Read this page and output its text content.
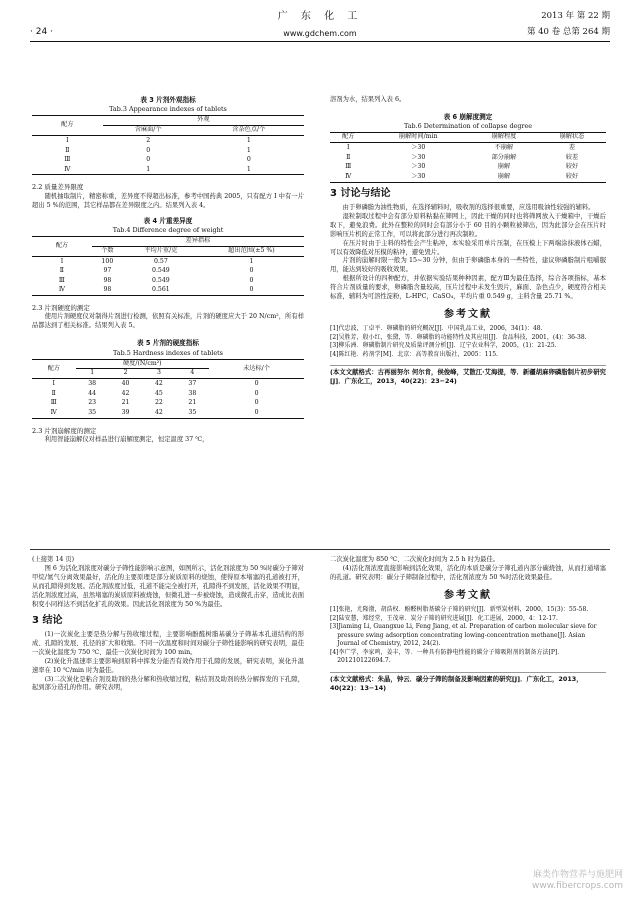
广 东 化 工
www.gdchem.com
2013 年 第 22 期
· 24 ·	第 40 卷 总第 264 期
表 3 片剂外观指标
Tab.3 Appearance indexes of tablets
配方	外观	
	含麻面/个	含杂色点/个
Ⅰ	2	1
Ⅱ	0	1
Ⅲ	0	0
Ⅳ	1	1
2.2 质量差异限度
随机抽取制片，精密称重，差异度不得超出标准，参考中国药典 2005，只有配方 Ⅰ 中有一片超出 5 %的范围，其它样品都在差异限度之内。结果列入表 4。
表 4 片重差异度
Tab.4 Difference degree of weight
配方	差异指标		
	个数	平均片重/克	超出范围(±5 %)
Ⅰ	100	0.57	1
Ⅱ	97	0.549	0
Ⅲ	98	0.549	0
Ⅳ	98	0.561	0
2.3 片剂硬度的测定
使用片剂硬度仪对制得片剂进行检测，依照有关标准，片剂的硬度应大于 20 N/cm²，所有样品都达到了相关标准。结果列入表 5。
表 5 片剂的硬度指标
Tab.5 Hardness indexes of tablets
配方	硬度/(N/cm²)				未达标/个
	1	2	3	4	
Ⅰ	38	40	42	37	0
Ⅱ	44	42	45	38	0
Ⅲ	23	21	22	21	0
Ⅳ	35	39	42	35	0
2.3 片剂崩解度的测定
利用智能崩解仪对样品进行崩解度测定，恒定温度 37 ℃，
溶剂为水，结果列入表 6。
表 6 崩解度测定
Tab.6 Determination of collapse degree
配方	崩解时间/min	崩解程度	崩解状态
Ⅰ	＞30	不崩解	差
Ⅱ	＞30	部分崩解	较差
Ⅲ	＞30	崩解	较好
Ⅳ	＞30	崩解	较好
3 讨论与结论
由于卵磷脂为油性物质，在选择辅料时，吸收剂的选择很重要，应选用吸油性较强的辅料。
湿粒制取过程中会有部分原料粘黏在筛网上，因此干燥的同时也将筛网放入干燥箱中，干燥后取下，避免浪费。此外在整粒的同时会有部分小于 60 目的小颗粒被筛出，因为此部分会在压片时影响压片机的正常工作，可以将此部分进行再次制粒。
在压片时由于主料的特性会产生粘冲，本实验采用单片压制，在压模上下两端涂抹液体石蜡，可以有效降低对压模的粘冲，避免毁片。
片剂的崩解时限一般为 15~30 分钟，但由于卵磷脂本身的一些特性，建议卵磷脂制片咀嚼服用，能达到较好的吸收效果。
根据所设计的四种配方，并依据实验结果种种因素，配方Ⅲ为最佳选择，综合各项指标，基本符合片剂质量的要求，卵磷脂含量较高，压片过程中未发生毁片，麻面、杂色点少，硬度符合相关标准，辅料为可溶性淀粉，L-HPC，CaSO₄，平均片重 0.549 g，主料含量 25.71 %。
参考文献
[1]代忠波，丁卓平．卵磷脂的研究概况[J]．中国乳品工业，2006，34(1)：48.
[2]吴胜芳，殷小红，张黛，等．卵磷脂的功能特性及其应用[J]．食品科技，2001，(4)：36-38.
[3]柳乐洲．卵磷脂制片研究及质量评测分析[J]．辽宁农业科学，2005，(1)：21-25.
[4]陈红艳．药剂学[M]．北京：高等教育出版社，2005：115.
(本文文献格式：古再丽努尔 何尔肯，侯俊峰，艾散江·艾海提，等．新疆胡麻卵磷脂制片初步研究[J]．广东化工，2013，40(22)：23−24)
(上接第 14 页)
图 6 为活化剂浓度对碳分子筛性能影响示意图，如图所示，活化剂浓度为 50 %时碳分子筛对甲烷/氮气分离效果最好，活化的主要原理是部分炭质原料的烧蚀，使得原本堵塞的孔道被打开，从而孔隙得到发展。活化剂浓度过低，孔道不能完全被打开，孔隙得不到发展，活化效果不明显，活化剂浓度过高，虽然堵塞的炭质原料被烧蚀，但微孔进一步被烧蚀，造成微孔击穿，造成比表面积变小同样达不到活化扩孔的效果。因此活化剂浓度为 50 %为最佳。
3 结论
(1)一次炭化主要是热分解与热收缩过程，主要影响酚醛树脂基碳分子筛基本孔道结构的形成、孔隙的发展、孔径的扩大和收缩。不同一次温度和时间对碳分子筛性能影响的研究表明，最佳一次炭化温度为 750 ℃、最佳一次炭化时间为 100 min。
(2)炭化升温速率主要影响到原料中挥发分能否有效作用于孔隙的发展，研究表明，炭化升温速率在 10 ℃/min 时为最佳。
(3)二次炭化是粘合剂及助剂的热分解和热收缩过程，粘结剂及助剂的热分解挥发的下孔隙，起到部分造孔的作用。研究表明，
二次炭化温度为 850 ℃、二次炭化时间为 2.5 h 时为最佳。
(4)活化剂浓度直接影响到活化效果，活化的本质是碳分子筛孔道内部分碳烧蚀，从而打通堵塞的孔道。研究表明：碳分子筛制备过程中，活化剂浓度为 50 %时活化效果最佳。
参考文献
[1]张艳，尤隆渤，胡浩权．酚醛树脂基碳分子筛的研究[J]．新型炭材料，2000，15(3)：55-58.
[2]陆安慧，郑经堂，王茂章．炭分子筛的研究进展[J]．化工进展，2000，4：12-17.
[3]Jiaming Li, Guangxue Li, Feng Jiang, et al. Preparation of carbon molecular sieve for pressure swing adsorption concentrating lowing-concentration methane[J]. Asian Journal of Chemistry, 2012, 24(2).
[4]李广学，李家鸣，姜丰，等．一种具有防静电性能的碳分子筛吸附剂的制备方法[P]．201210122694.7.
(本文文献格式：朱晶，钟云．碳分子筛的制备及影响因素的研究[J]．广东化工，2013，40(22)：13−14)
麻类作物营养与施肥网
www.fibercrops.com
